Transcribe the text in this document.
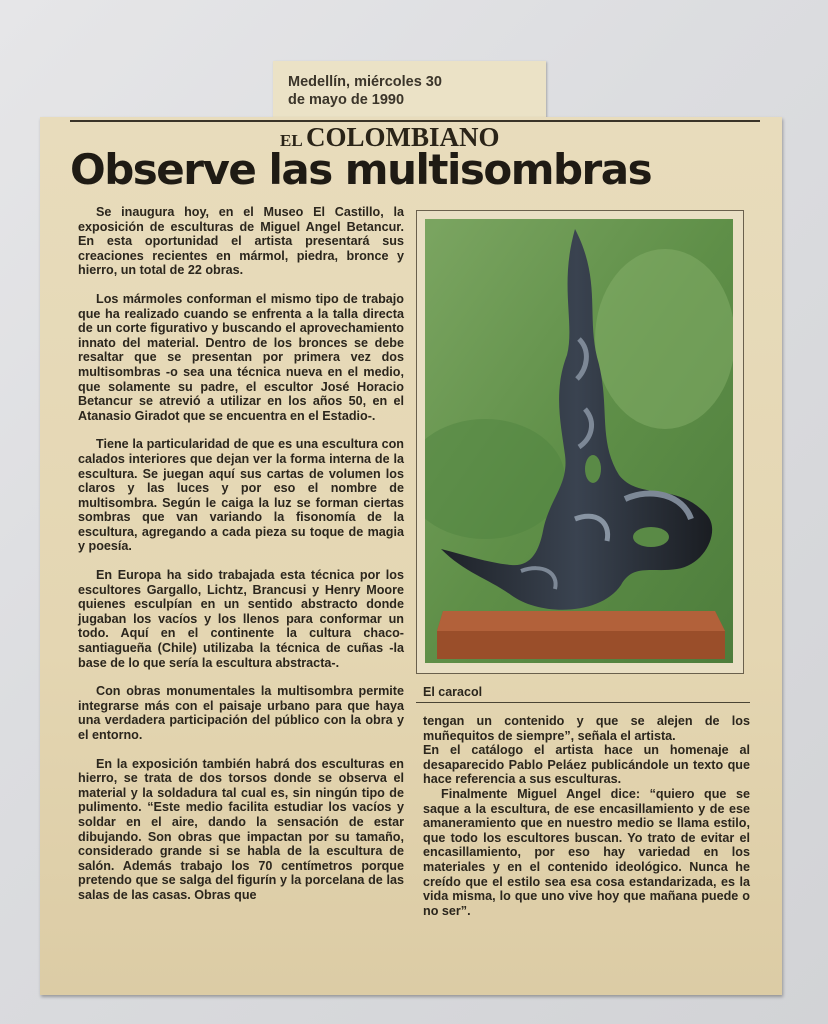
Medellín, miércoles 30
de mayo de 1990
EL COLOMBIANO
Observe las multisombras

Se inaugura hoy, en el Museo El Castillo, la exposición de esculturas de Miguel Angel Betancur. En esta oportunidad el artista presentará sus creaciones recientes en mármol, piedra, bronce y hierro, un total de 22 obras.

Los mármoles conforman el mismo tipo de trabajo que ha realizado cuando se enfrenta a la talla directa de un corte figurativo y buscando el aprovechamiento innato del material. Dentro de los bronces se debe resaltar que se presentan por primera vez dos multisombras -o sea una técnica nueva en el medio, que solamente su padre, el escultor José Horacio Betancur se atrevió a utilizar en los años 50, en el Atanasio Giradot que se encuentra en el Estadio-.

Tiene la particularidad de que es una escultura con calados interiores que dejan ver la forma interna de la escultura. Se juegan aquí sus cartas de volumen los claros y las luces y por eso el nombre de multisombra. Según le caiga la luz se forman ciertas sombras que van variando la fisonomía de la escultura, agregando a cada pieza su toque de magia y poesía.

En Europa ha sido trabajada esta técnica por los escultores Gargallo, Lichtz, Brancusi y Henry Moore quienes esculpían en un sentido abstracto donde jugaban los vacíos y los llenos para conformar un todo. Aquí en el continente la cultura chaco-santiagueña (Chile) utilizaba la técnica de cuñas -la base de lo que sería la escultura abstracta-.

Con obras monumentales la multisombra permite integrarse más con el paisaje urbano para que haya una verdadera participación del público con la obra y el entorno.

En la exposición también habrá dos esculturas en hierro, se trata de dos torsos donde se observa el material y la soldadura tal cual es, sin ningún tipo de pulimento. “Este medio facilita estudiar los vacíos y soldar en el aire, dando la sensación de estar dibujando. Son obras que impactan por su tamaño, considerado grande si se habla de la escultura de salón. Además trabajo los 70 centímetros porque pretendo que se salga del figurín y la porcelana de las salas de las casas. Obras que

El caracol

tengan un contenido y que se alejen de los muñequitos de siempre”, señala el artista.

En el catálogo el artista hace un homenaje al desaparecido Pablo Peláez publicándole un texto que hace referencia a sus esculturas.

Finalmente Miguel Angel dice: “quiero que se saque a la escultura, de ese encasillamiento y de ese amaneramiento que en nuestro medio se llama estilo, que todo los escultores buscan. Yo trato de evitar el encasillamiento, por eso hay variedad en los materiales y en el contenido ideológico. Nunca he creído que el estilo sea esa cosa estandarizada, es la vida misma, lo que uno vive hoy que mañana puede o no ser”.
